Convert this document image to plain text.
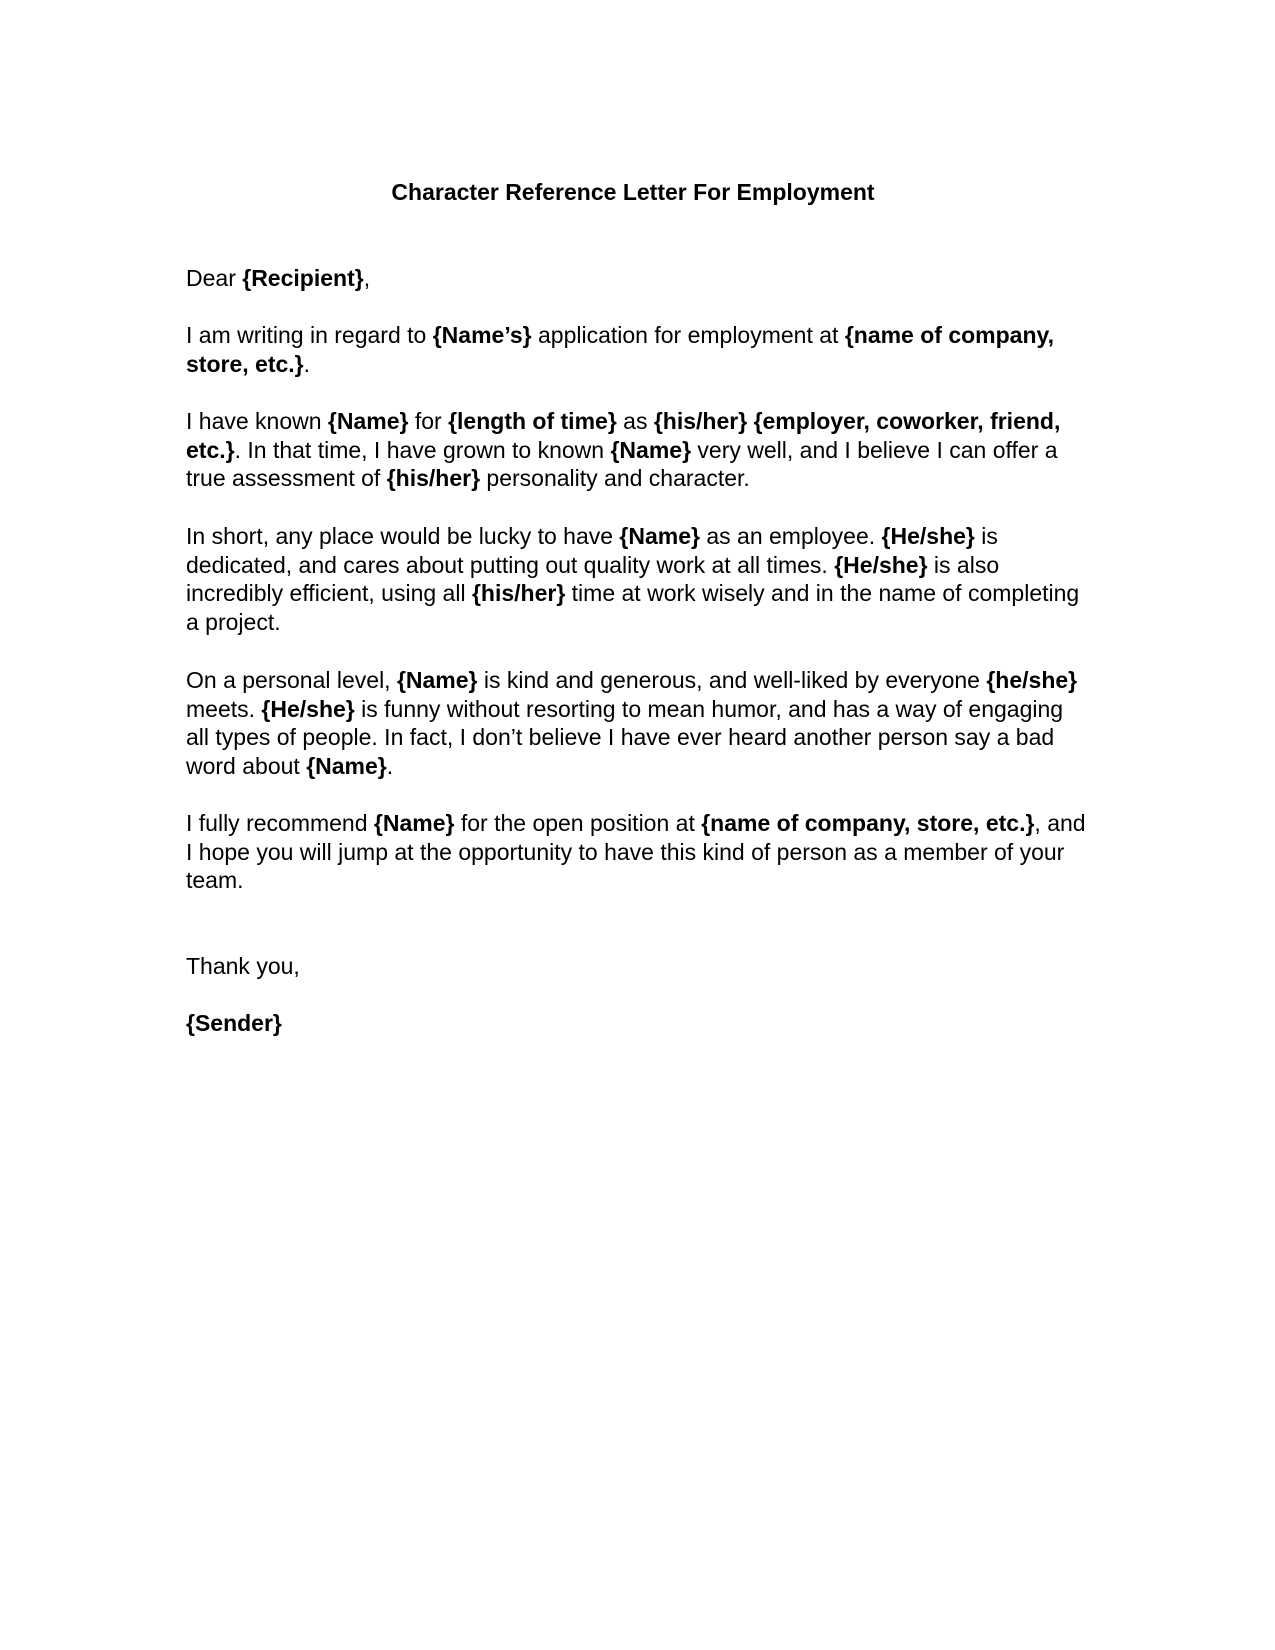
Character Reference Letter For Employment

Dear {Recipient},

I am writing in regard to {Name’s} application for employment at {name of company, store, etc.}.

I have known {Name} for {length of time} as {his/her} {employer, coworker, friend, etc.}. In that time, I have grown to known {Name} very well, and I believe I can offer a true assessment of {his/her} personality and character.

In short, any place would be lucky to have {Name} as an employee. {He/she} is dedicated, and cares about putting out quality work at all times. {He/she} is also incredibly efficient, using all {his/her} time at work wisely and in the name of completing a project.

On a personal level, {Name} is kind and generous, and well-liked by everyone {he/she} meets. {He/she} is funny without resorting to mean humor, and has a way of engaging all types of people. In fact, I don’t believe I have ever heard another person say a bad word about {Name}.

I fully recommend {Name} for the open position at {name of company, store, etc.}, and I hope you will jump at the opportunity to have this kind of person as a member of your team.

Thank you,

{Sender}
